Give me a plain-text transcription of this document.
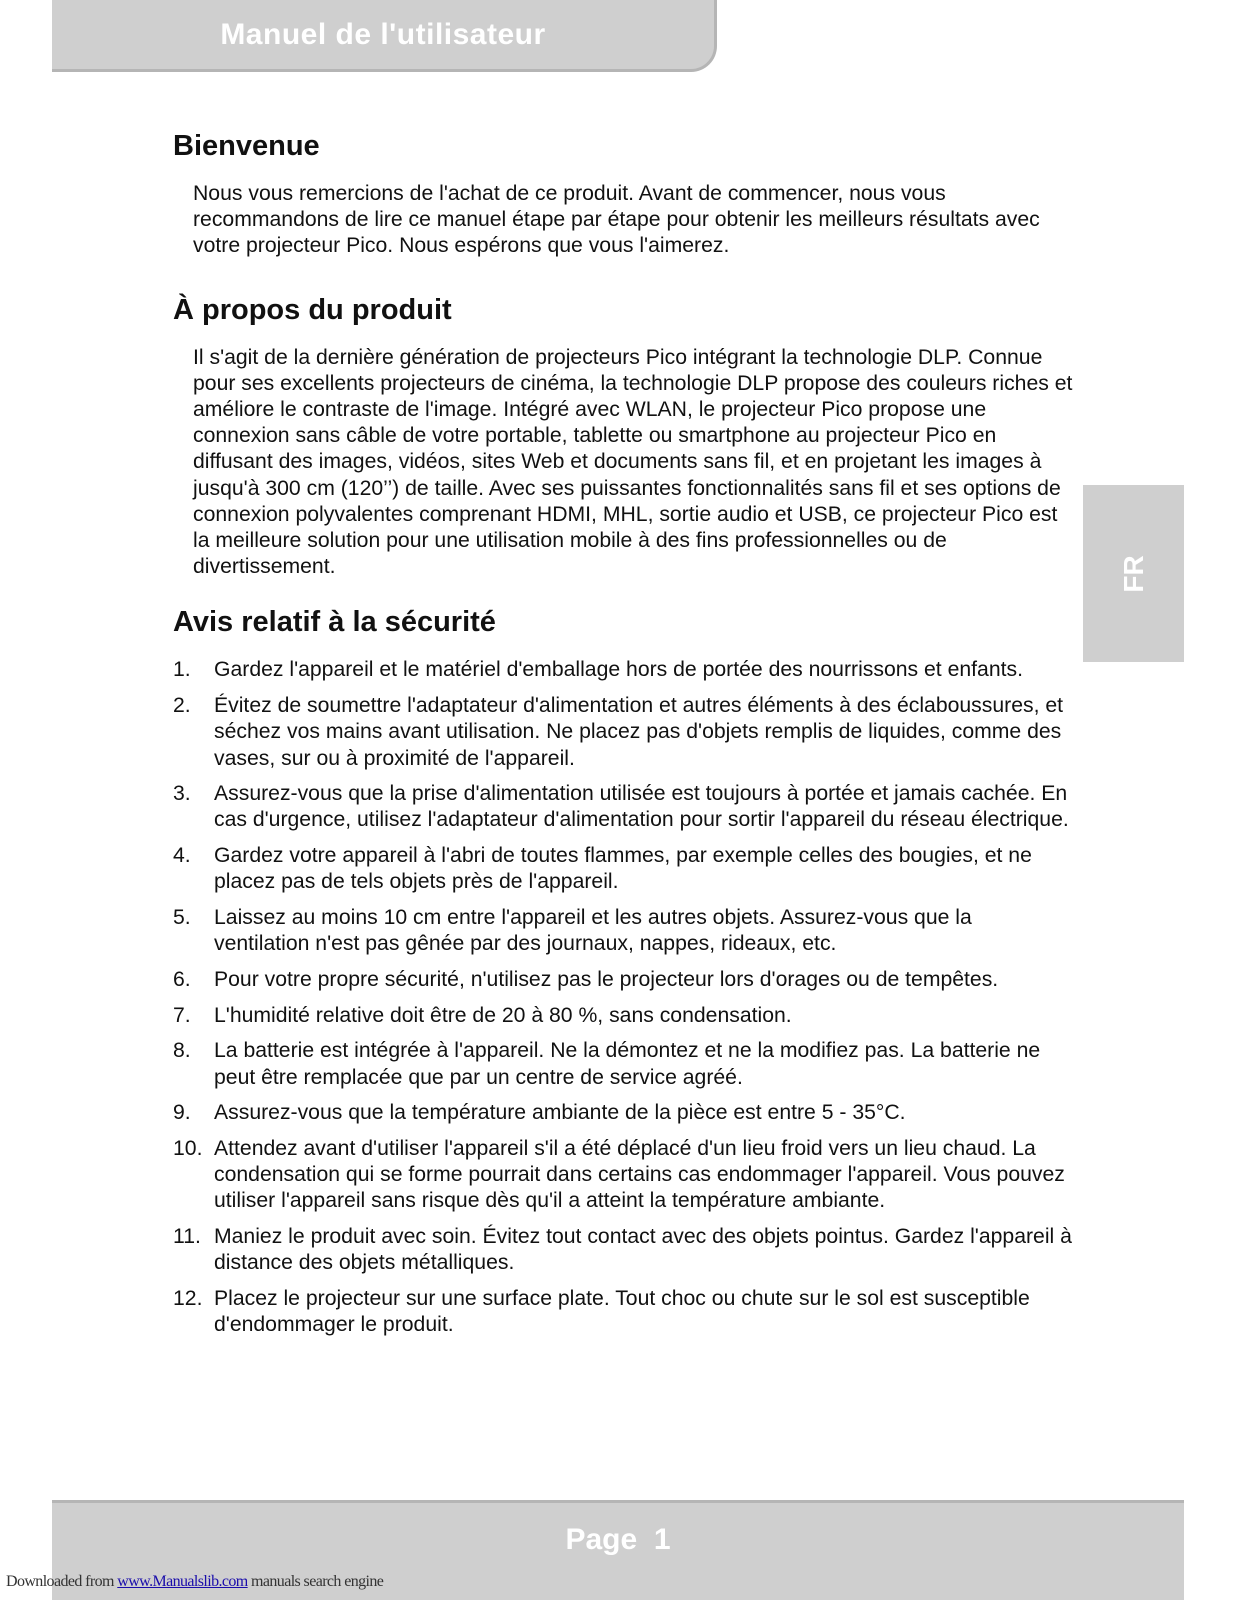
Manuel de l'utilisateur
FR
Bienvenue

Nous vous remercions de l'achat de ce produit. Avant de commencer, nous vous recommandons de lire ce manuel étape par étape pour obtenir les meilleurs résultats avec votre projecteur Pico. Nous espérons que vous l'aimerez.

À propos du produit

Il s'agit de la dernière génération de projecteurs Pico intégrant la technologie DLP. Connue pour ses excellents projecteurs de cinéma, la technologie DLP propose des couleurs riches et améliore le contraste de l'image. Intégré avec WLAN, le projecteur Pico propose une connexion sans câble de votre portable, tablette ou smartphone au projecteur Pico en diffusant des images, vidéos, sites Web et documents sans fil, et en projetant les images à jusqu'à 300 cm (120’’) de taille. Avec ses puissantes fonctionnalités sans fil et ses options de connexion polyvalentes comprenant HDMI, MHL, sortie audio et USB, ce projecteur Pico est la meilleure solution pour une utilisation mobile à des fins professionnelles ou de divertissement.

Avis relatif à la sécurité
1. Gardez l'appareil et le matériel d'emballage hors de portée des nourrissons et enfants.
2. Évitez de soumettre l'adaptateur d'alimentation et autres éléments à des éclaboussures, et séchez vos mains avant utilisation. Ne placez pas d'objets remplis de liquides, comme des vases, sur ou à proximité de l'appareil.
3. Assurez-vous que la prise d'alimentation utilisée est toujours à portée et jamais cachée. En cas d'urgence, utilisez l'adaptateur d'alimentation pour sortir l'appareil du réseau électrique.
4. Gardez votre appareil à l'abri de toutes flammes, par exemple celles des bougies, et ne placez pas de tels objets près de l'appareil.
5. Laissez au moins 10 cm entre l'appareil et les autres objets. Assurez-vous que la ventilation n'est pas gênée par des journaux, nappes, rideaux, etc.
6. Pour votre propre sécurité, n'utilisez pas le projecteur lors d'orages ou de tempêtes.
7. L'humidité relative doit être de 20 à 80 %, sans condensation.
8. La batterie est intégrée à l'appareil. Ne la démontez et ne la modifiez pas. La batterie ne peut être remplacée que par un centre de service agréé.
9. Assurez-vous que la température ambiante de la pièce est entre 5 - 35°C.
10. Attendez avant d'utiliser l'appareil s'il a été déplacé d'un lieu froid vers un lieu chaud. La condensation qui se forme pourrait dans certains cas endommager l'appareil. Vous pouvez utiliser l'appareil sans risque dès qu'il a atteint la température ambiante.
11. Maniez le produit avec soin. Évitez tout contact avec des objets pointus. Gardez l'appareil à distance des objets métalliques.
12. Placez le projecteur sur une surface plate. Tout choc ou chute sur le sol est susceptible d'endommager le produit.
Page  1
Downloaded from www.Manualslib.com manuals search engine
